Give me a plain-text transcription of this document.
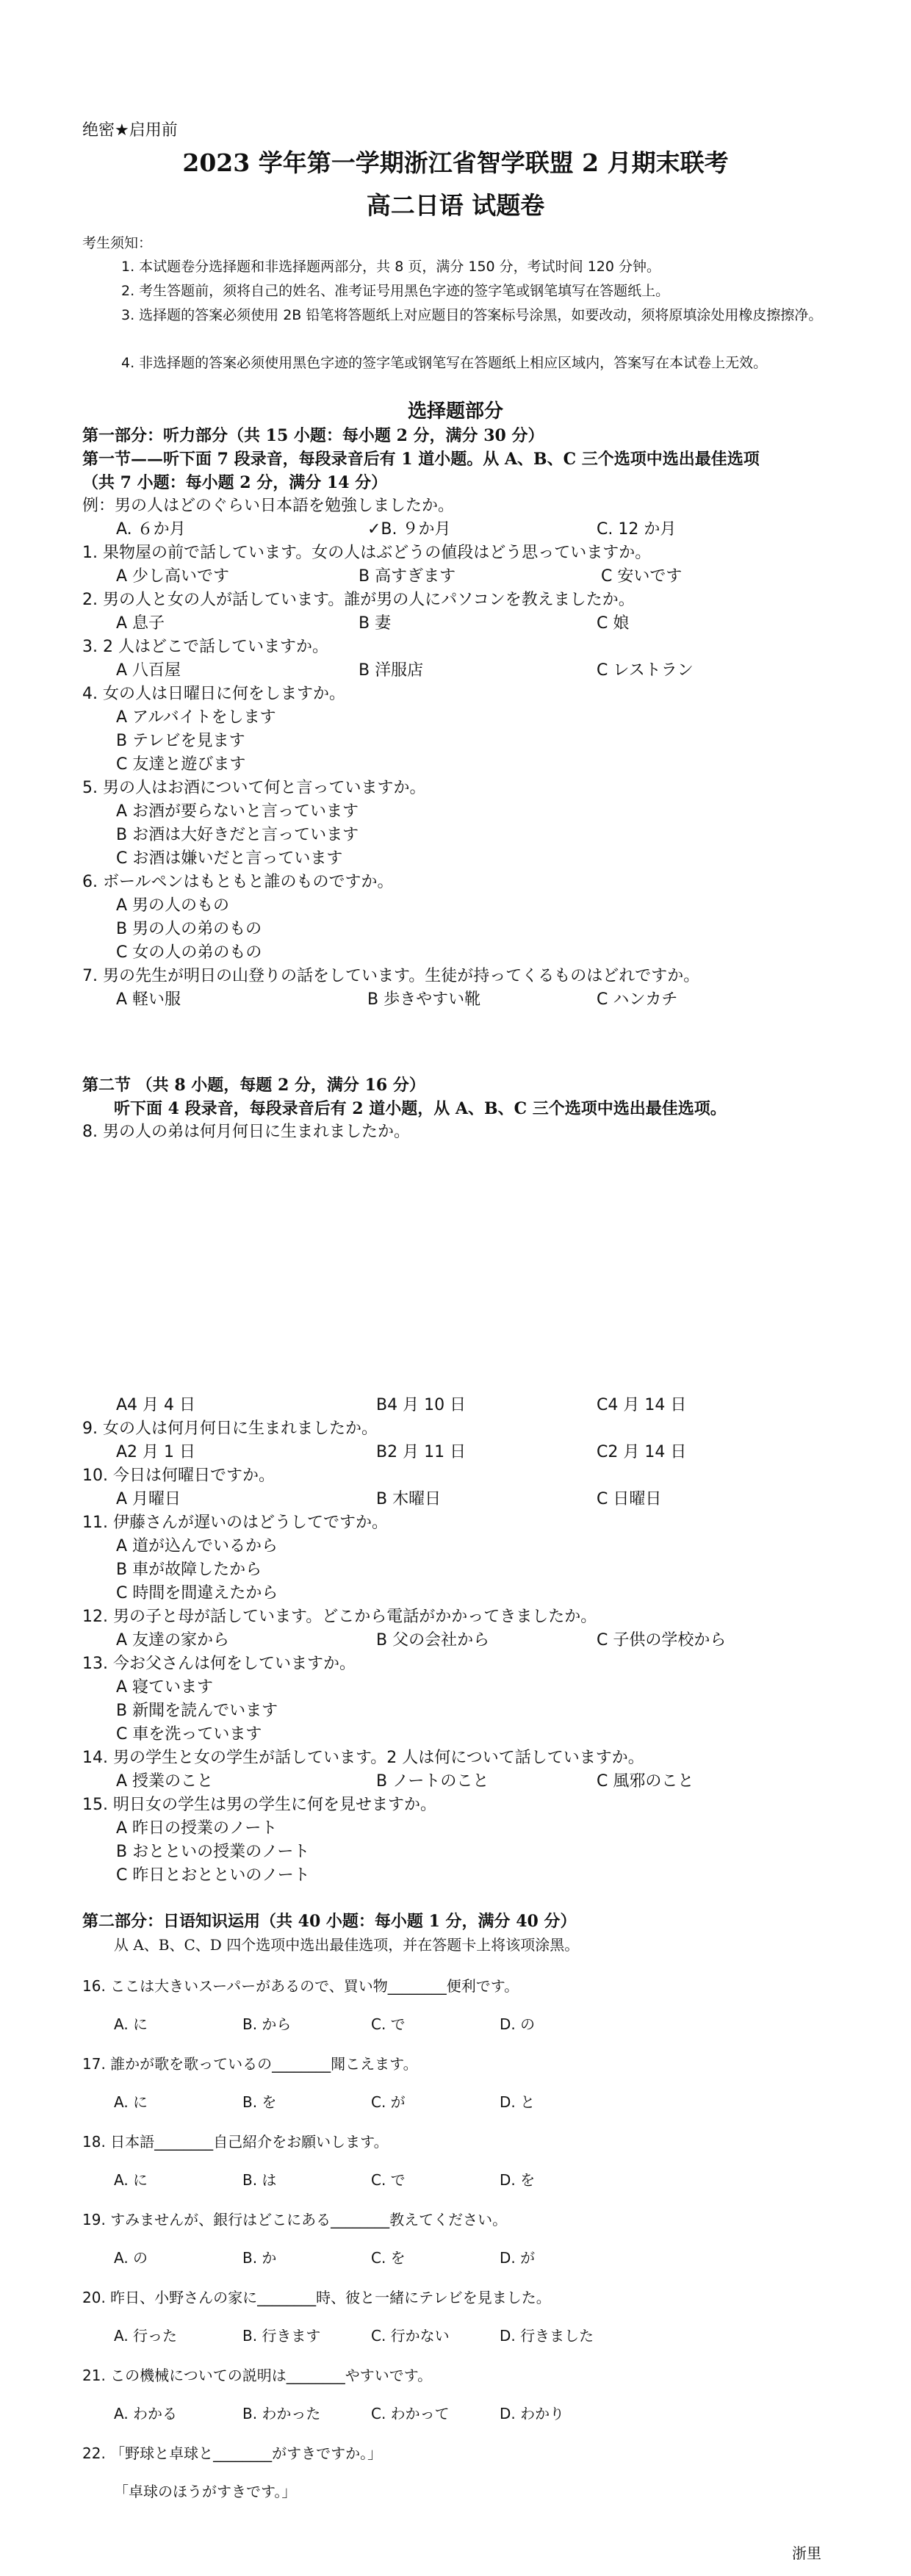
绝密★启用前
2023 学年第一学期浙江省智学联盟 2 月期末联考
高二日语 试题卷
考生须知：
1. 本试题卷分选择题和非选择题两部分，共 8 页，满分 150 分，考试时间 120 分钟。
2. 考生答题前，须将自己的姓名、准考证号用黑色字迹的签字笔或钢笔填写在答题纸上。
3. 选择题的答案必须使用 2B 铅笔将答题纸上对应题目的答案标号涂黑，如要改动，须将原填涂处用橡皮擦擦净。
4. 非选择题的答案必须使用黑色字迹的签字笔或钢笔写在答题纸上相应区域内，答案写在本试卷上无效。
选择题部分
第一部分：听力部分（共 15 小题：每小题 2 分，满分 30 分）
第一节——听下面 7 段录音，每段录音后有 1 道小题。从 A、B、C 三个选项中选出最佳选项
（共 7 小题：每小题 2 分，满分 14 分）
例：男の人はどのぐらい日本語を勉強しましたか。
A. ６か月	✓B. ９か月	C. 12 か月
1. 果物屋の前で話しています。女の人はぶどうの値段はどう思っていますか。
A 少し高いです	B 高すぎます	C 安いです
2. 男の人と女の人が話しています。誰が男の人にパソコンを教えましたか。
A 息子	B 妻	C 娘
3. 2 人はどこで話していますか。
A 八百屋	B 洋服店	C レストラン
4. 女の人は日曜日に何をしますか。
A アルバイトをします
B テレビを見ます
C 友達と遊びます
5. 男の人はお酒について何と言っていますか。
A お酒が要らないと言っています
B お酒は大好きだと言っています
C お酒は嫌いだと言っています
6. ボールペンはもともと誰のものですか。
A 男の人のもの
B 男の人の弟のもの
C 女の人の弟のもの
7. 男の先生が明日の山登りの話をしています。生徒が持ってくるものはどれですか。
A 軽い服	B 歩きやすい靴	C ハンカチ
第二节 （共 8 小题，每题 2 分，满分 16 分）
听下面 4 段录音，每段录音后有 2 道小题，从 A、B、C 三个选项中选出最佳选项。
8. 男の人の弟は何月何日に生まれましたか。
A4 月 4 日	B4 月 10 日	C4 月 14 日
9. 女の人は何月何日に生まれましたか。
A2 月 1 日	B2 月 11 日	C2 月 14 日
10. 今日は何曜日ですか。
A 月曜日	B 木曜日	C 日曜日
11. 伊藤さんが遅いのはどうしてですか。
A 道が込んでいるから
B 車が故障したから
C 時間を間違えたから
12. 男の子と母が話しています。どこから電話がかかってきましたか。
A 友達の家から	B 父の会社から	C 子供の学校から
13. 今お父さんは何をしていますか。
A 寝ています
B 新聞を読んでいます
C 車を洗っています
14. 男の学生と女の学生が話しています。2 人は何について話していますか。
A 授業のこと	B ノートのこと	C 風邪のこと
15. 明日女の学生は男の学生に何を見せますか。
A 昨日の授業のノート
B おとといの授業のノート
C 昨日とおとといのノート
第二部分：日语知识运用（共 40 小题：每小题 1 分，满分 40 分）
从 A、B、C、D 四个选项中选出最佳选项，并在答题卡上将该项涂黑。
16. ここは大きいスーパーがあるので、買い物________便利です。
A. に	B. から	C. で	D. の
17. 誰かが歌を歌っているの________聞こえます。
A. に	B. を	C. が	D. と
18. 日本語________自己紹介をお願いします。
A. に	B. は	C. で	D. を
19. すみませんが、銀行はどこにある________教えてください。
A. の	B. か	C. を	D. が
20. 昨日、小野さんの家に________時、彼と一緒にテレビを見ました。
A. 行った	B. 行きます	C. 行かない	D. 行きました
21. この機械についての説明は________やすいです。
A. わかる	B. わかった	C. わかって	D. わかり
22. 「野球と卓球と________がすきですか。」
「卓球のほうがすきです。」
浙里
